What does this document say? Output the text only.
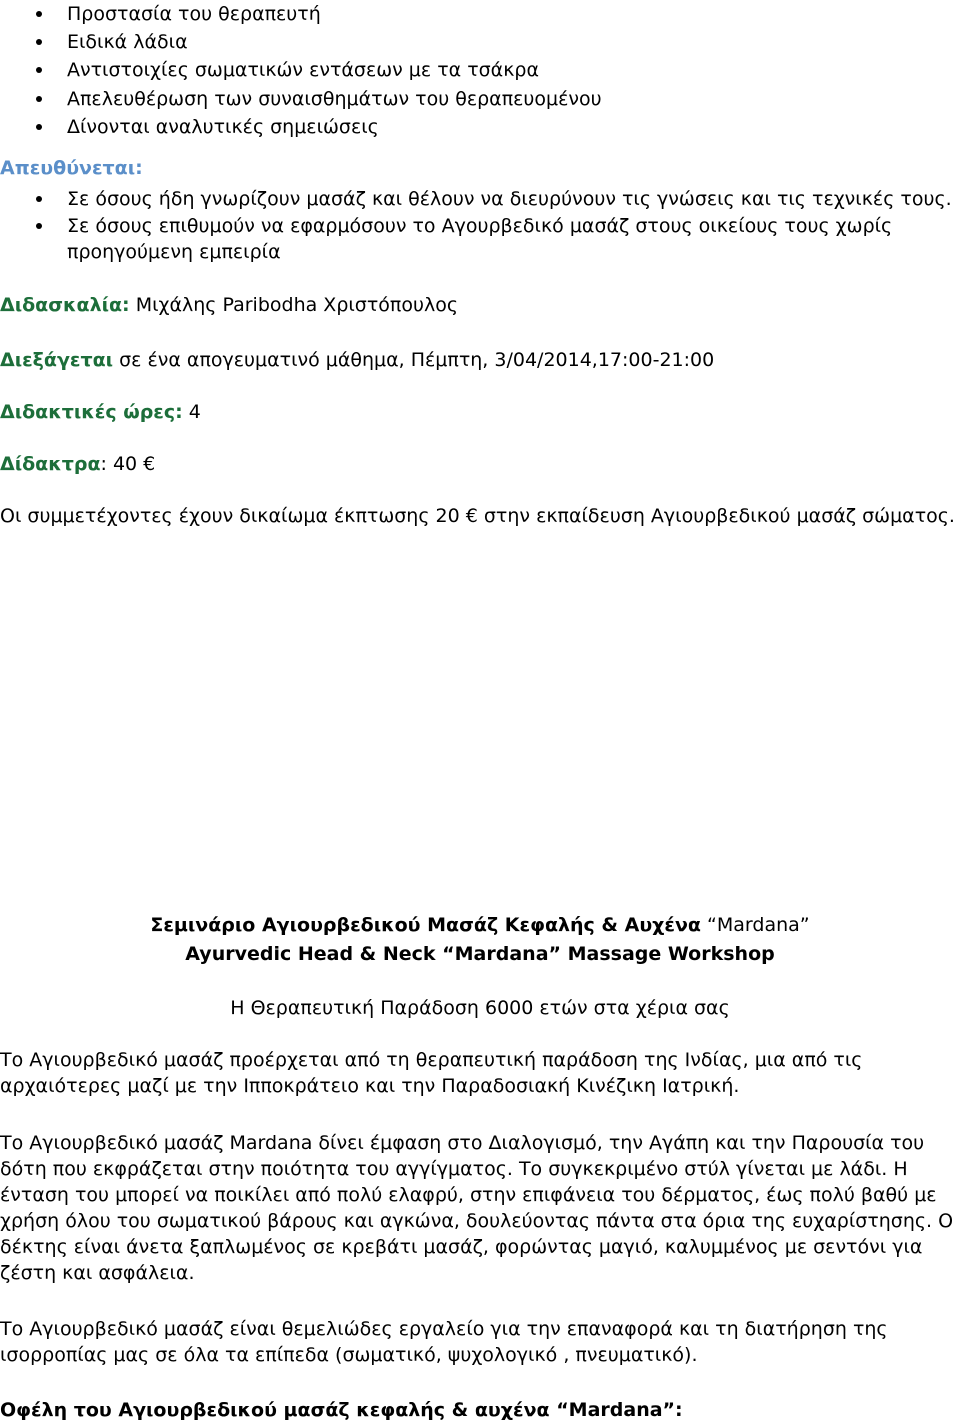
Προστασία του θεραπευτή

Ειδικά λάδια

Αντιστοιχίες σωματικών εντάσεων με τα τσάκρα

Απελευθέρωση των συναισθημάτων του θεραπευομένου

Δίνονται αναλυτικές σημειώσεις

Απευθύνεται:

Σε όσους ήδη γνωρίζουν μασάζ και θέλουν να διευρύνουν τις γνώσεις και τις τεχνικές τους.

Σε όσους επιθυμούν να εφαρμόσουν το Αγουρβεδικό μασάζ στους οικείους τους χωρίς

προηγούμενη εμπειρία

Διδασκαλία: Μιχάλης Paribodha Χριστόπουλος

Διεξάγεται σε ένα απογευματινό μάθημα, Πέμπτη, 3/04/2014,17:00-21:00

Διδακτικές ώρες: 4

Δίδακτρα: 40 €

Οι συμμετέχοντες έχουν δικαίωμα έκπτωσης 20 € στην εκπαίδευση Αγιουρβεδικού μασάζ σώματος.

Σεμινάριο Αγιουρβεδικού Μασάζ Κεφαλής & Αυχένα “Mardana”

Ayurvedic Head & Neck “Mardana” Massage Workshop

Η Θεραπευτική Παράδοση 6000 ετών στα χέρια σας

Το Αγιουρβεδικό μασάζ προέρχεται από τη θεραπευτική παράδοση της Ινδίας, μια από τις
αρχαιότερες μαζί με την Ιπποκράτειο και την Παραδοσιακή Κινέζικη Ιατρική.
Το Αγιουρβεδικό μασάζ Mardana δίνει έμφαση στο Διαλογισμό, την Αγάπη και την Παρουσία του
δότη που εκφράζεται στην ποιότητα του αγγίγματος. Το συγκεκριμένο στύλ γίνεται με λάδι. Η
ένταση του μπορεί να ποικίλει από πολύ ελαφρύ, στην επιφάνεια του δέρματος, έως πολύ βαθύ με
χρήση όλου του σωματικού βάρους και αγκώνα, δουλεύοντας πάντα στα όρια της ευχαρίστησης. Ο
δέκτης είναι άνετα ξαπλωμένος σε κρεβάτι μασάζ, φορώντας μαγιό, καλυμμένος με σεντόνι για
ζέστη και ασφάλεια.
Το Αγιουρβεδικό μασάζ είναι θεμελιώδες εργαλείο για την επαναφορά και τη διατήρηση της
ισορροπίας μας σε όλα τα επίπεδα (σωματικό, ψυχολογικό , πνευματικό).

Οφέλη του Αγιουρβεδικού μασάζ κεφαλής & αυχένα “Mardana”:
